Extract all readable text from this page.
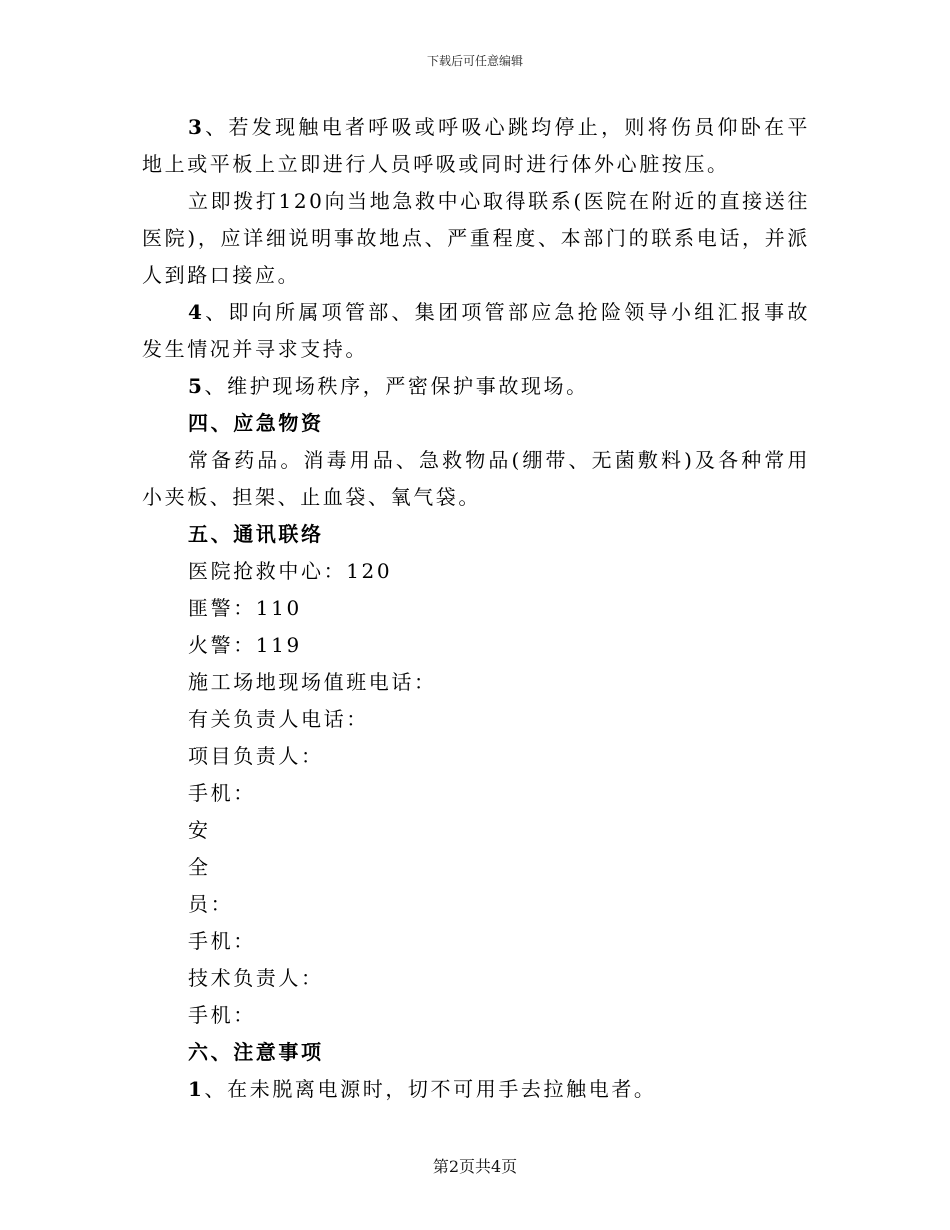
下载后可任意编辑

3、若发现触电者呼吸或呼吸心跳均停止，则将伤员仰卧在平地上或平板上立即进行人员呼吸或同时进行体外心脏按压。

立即拨打120向当地急救中心取得联系(医院在附近的直接送往医院)，应详细说明事故地点、严重程度、本部门的联系电话，并派人到路口接应。

4、即向所属项管部、集团项管部应急抢险领导小组汇报事故发生情况并寻求支持。

5、维护现场秩序，严密保护事故现场。

四、应急物资

常备药品。消毒用品、急救物品(绷带、无菌敷料)及各种常用小夹板、担架、止血袋、氧气袋。

五、通讯联络

医院抢救中心：120

匪警：110

火警：119

施工场地现场值班电话：

有关负责人电话：

项目负责人：

手机：

安

全

员：

手机：

技术负责人：

手机：

六、注意事项

1、在未脱离电源时，切不可用手去拉触电者。

第2页共4页
